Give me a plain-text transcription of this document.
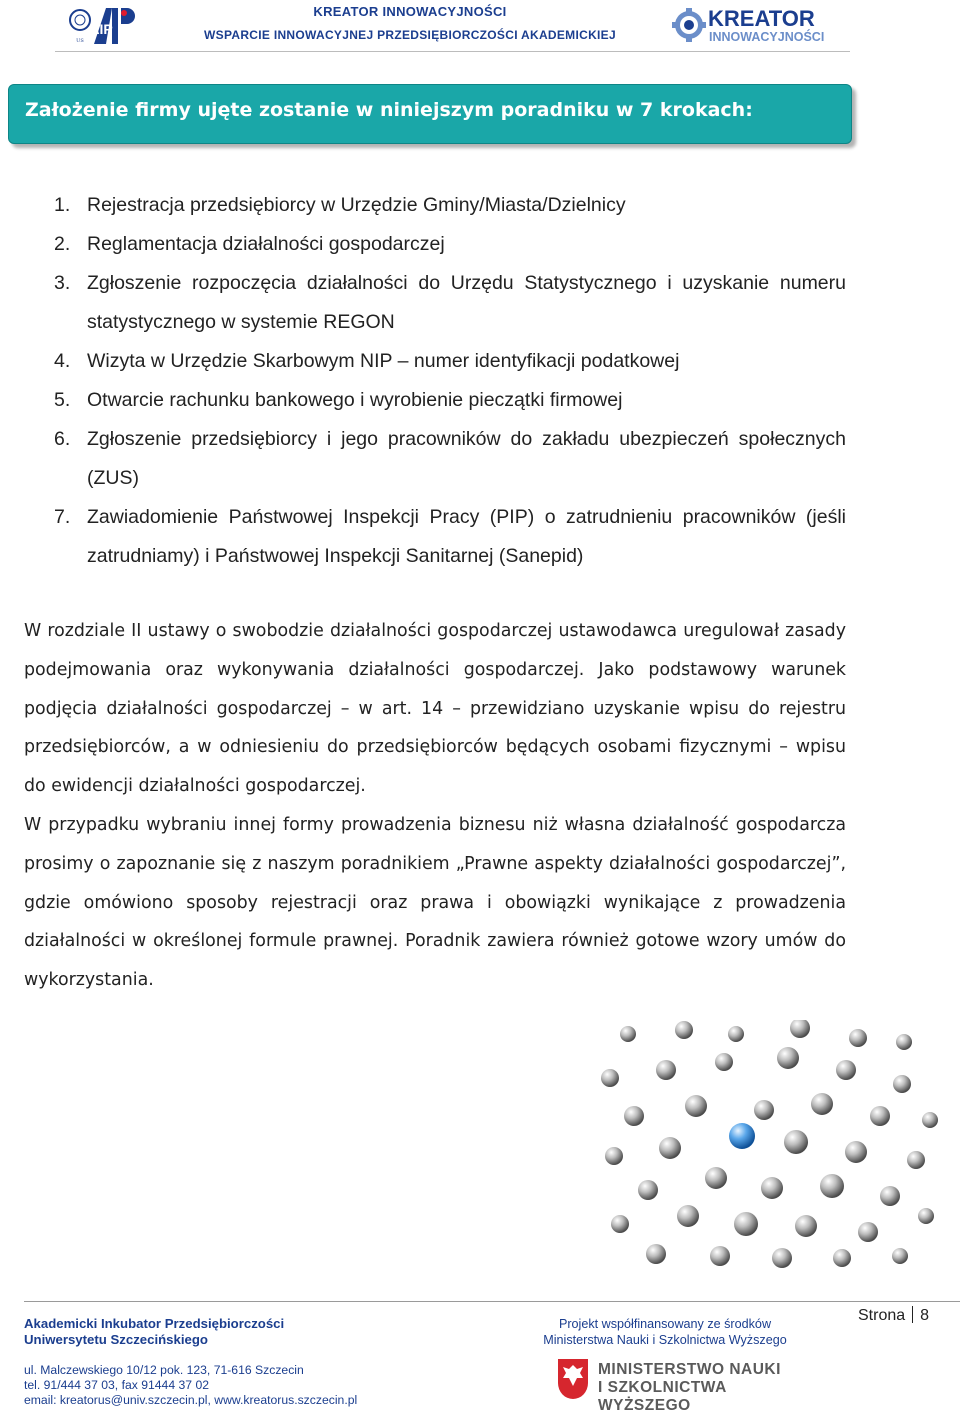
US
AIP
KREATOR INNOWACYJNOŚCI
WSPARCIE INNOWACYJNEJ PRZEDSIĘBIORCZOŚCI AKADEMICKIEJ
KREATOR
INNOWACYJNOŚCI
Założenie firmy ujęte zostanie w niniejszym poradniku w 7 krokach:
1. Rejestracja przedsiębiorcy w Urzędzie Gminy/Miasta/Dzielnicy
2. Reglamentacja działalności gospodarczej
3. Zgłoszenie rozpoczęcia działalności do Urzędu Statystycznego i uzyskanie numeru statystycznego w systemie REGON
4. Wizyta w Urzędzie Skarbowym NIP – numer identyfikacji podatkowej
5. Otwarcie rachunku bankowego i wyrobienie pieczątki firmowej
6. Zgłoszenie przedsiębiorcy i jego pracowników do zakładu ubezpieczeń społecznych (ZUS)
7. Zawiadomienie Państwowej Inspekcji Pracy (PIP) o zatrudnieniu pracowników (jeśli zatrudniamy) i Państwowej Inspekcji Sanitarnej (Sanepid)

W rozdziale II ustawy o swobodzie działalności gospodarczej ustawodawca uregulował zasady podejmowania oraz wykonywania działalności gospodarczej. Jako podstawowy warunek podjęcia działalności gospodarczej – w art. 14 – przewidziano uzyskanie wpisu do rejestru przedsiębiorców, a w odniesieniu do przedsiębiorców będących osobami fizycznymi – wpisu do ewidencji działalności gospodarczej.

W przypadku wybraniu innej formy prowadzenia biznesu niż własna działalność gospodarcza prosimy o zapoznanie się z naszym poradnikiem „Prawne aspekty działalności gospodarczej”, gdzie omówiono sposoby rejestracji oraz prawa i obowiązki wynikające z prowadzenia działalności w określonej formule prawnej. Poradnik zawiera również gotowe wzory umów do wykorzystania.

Akademicki Inkubator Przedsiębiorczości
Uniwersytetu Szczecińskiego
ul. Malczewskiego 10/12 pok. 123, 71-616 Szczecin
tel. 91/444 37 03, fax 91444 37 02
email: kreatorus@univ.szczecin.pl, www.kreatorus.szczecin.pl
Projekt współfinansowany ze środków
Ministerstwa Nauki i Szkolnictwa Wyższego
MINISTERSTWO NAUKI
I SZKOLNICTWA WYŻSZEGO
Strona 8
